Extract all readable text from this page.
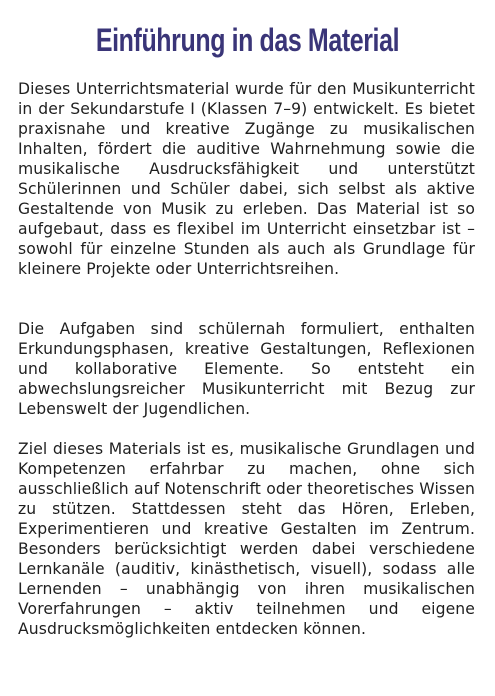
Einführung in das Material

Dieses Unterrichtsmaterial wurde für den Musikunterricht in der Sekundarstufe I (Klassen 7–9) entwickelt. Es bietet praxisnahe und kreative Zugänge zu musikalischen Inhalten, fördert die auditive Wahrnehmung sowie die musikalische Ausdrucksfähigkeit und unterstützt Schülerinnen und Schüler dabei, sich selbst als aktive Gestaltende von Musik zu erleben. Das Material ist so aufgebaut, dass es flexibel im Unterricht einsetzbar ist – sowohl für einzelne Stunden als auch als Grundlage für kleinere Projekte oder Unterrichtsreihen.

Die Aufgaben sind schülernah formuliert, enthalten Erkundungsphasen, kreative Gestaltungen, Reflexionen und kollaborative Elemente. So entsteht ein abwechslungsreicher Musikunterricht mit Bezug zur Lebenswelt der Jugendlichen.

Ziel dieses Materials ist es, musikalische Grundlagen und Kompetenzen erfahrbar zu machen, ohne sich ausschließlich auf Notenschrift oder theoretisches Wissen zu stützen. Stattdessen steht das Hören, Erleben, Experimentieren und kreative Gestalten im Zentrum. Besonders berücksichtigt werden dabei verschiedene Lernkanäle (auditiv, kinästhetisch, visuell), sodass alle Lernenden – unabhängig von ihren musikalischen Vorerfahrungen – aktiv teilnehmen und eigene Ausdrucksmöglichkeiten entdecken können.
